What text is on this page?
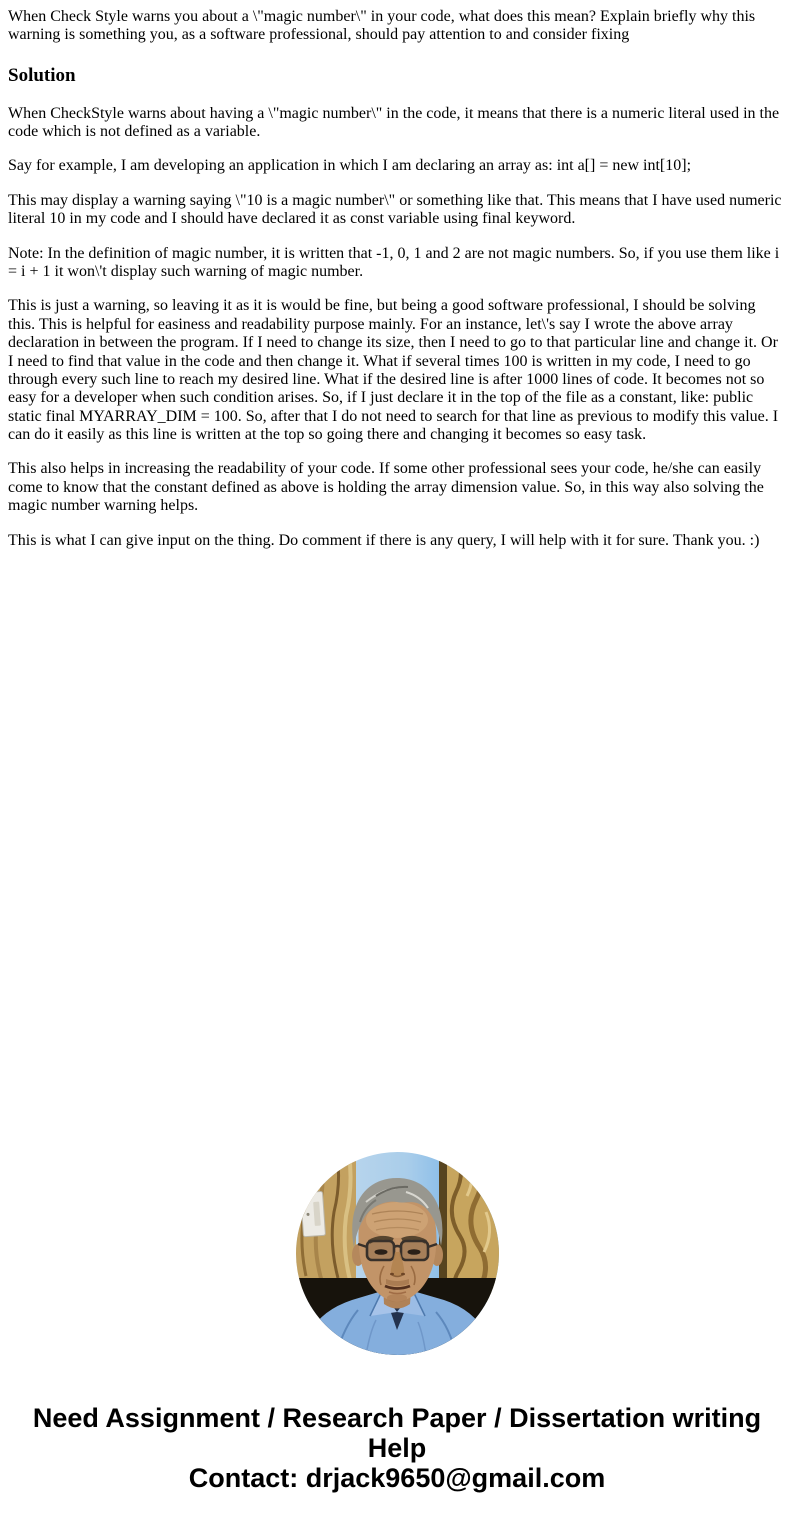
When Check Style warns you about a \"magic number\" in your code, what does this mean? Explain briefly why this warning is something you, as a software professional, should pay attention to and consider fixing

Solution

When CheckStyle warns about having a \"magic number\" in the code, it means that there is a numeric literal used in the code which is not defined as a variable.

Say for example, I am developing an application in which I am declaring an array as: int a[] = new int[10];

This may display a warning saying \"10 is a magic number\" or something like that. This means that I have used numeric literal 10 in my code and I should have declared it as const variable using final keyword.

Note: In the definition of magic number, it is written that -1, 0, 1 and 2 are not magic numbers. So, if you use them like i = i + 1 it won\'t display such warning of magic number.

This is just a warning, so leaving it as it is would be fine, but being a good software professional, I should be solving this. This is helpful for easiness and readability purpose mainly. For an instance, let\'s say I wrote the above array declaration in between the program. If I need to change its size, then I need to go to that particular line and change it. Or I need to find that value in the code and then change it. What if several times 100 is written in my code, I need to go through every such line to reach my desired line. What if the desired line is after 1000 lines of code. It becomes not so easy for a developer when such condition arises. So, if I just declare it in the top of the file as a constant, like: public static final MYARRAY_DIM = 100. So, after that I do not need to search for that line as previous to modify this value. I can do it easily as this line is written at the top so going there and changing it becomes so easy task.

This also helps in increasing the readability of your code. If some other professional sees your code, he/she can easily come to know that the constant defined as above is holding the array dimension value. So, in this way also solving the magic number warning helps.

This is what I can give input on the thing. Do comment if there is any query, I will help with it for sure. Thank you. :)

Need Assignment / Research Paper / Dissertation writing Help
Contact: drjack9650@gmail.com
